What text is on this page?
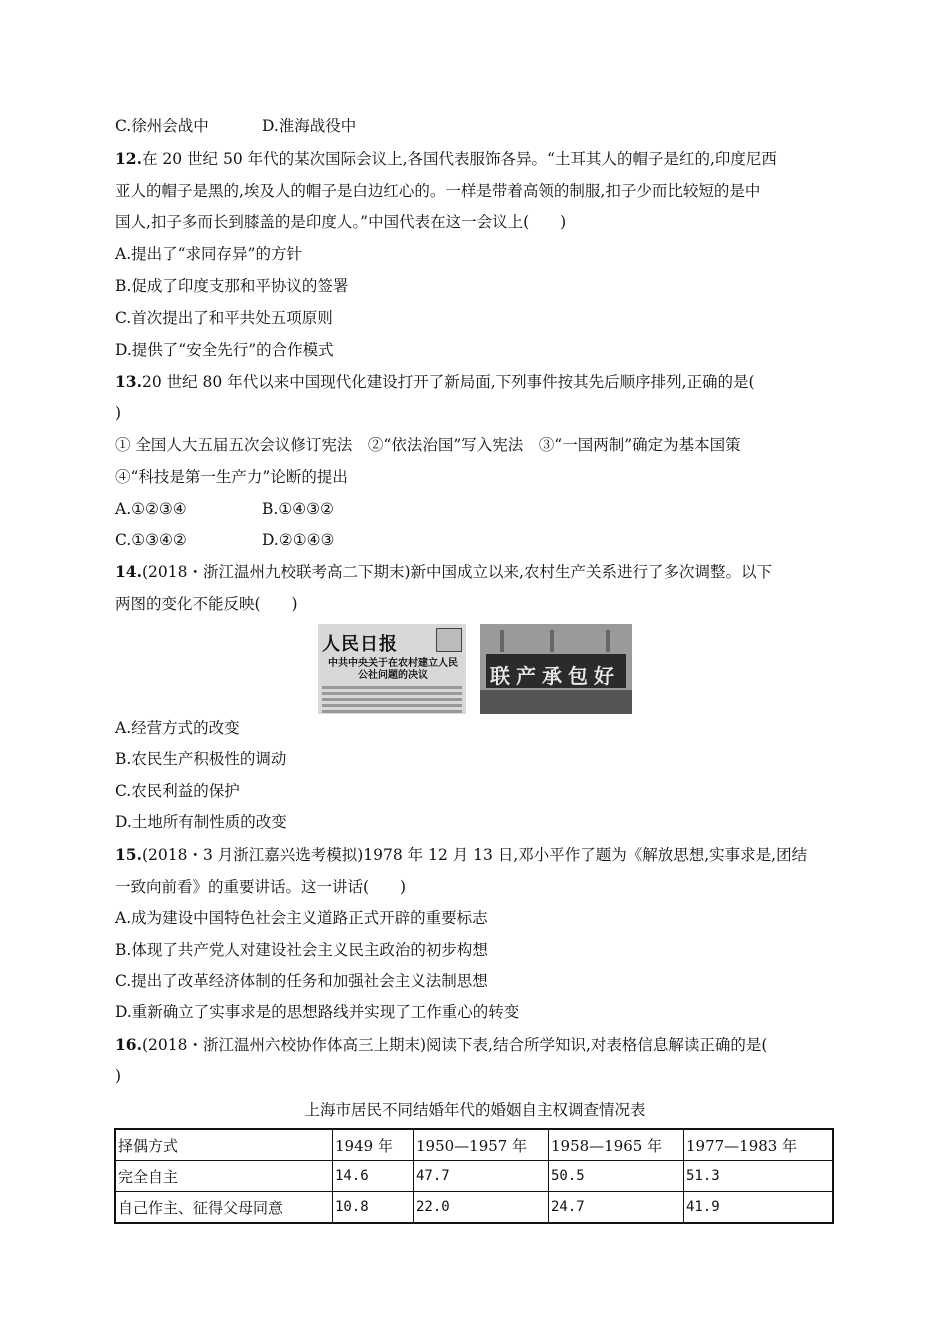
C.徐州会战中	D.淮海战役中
12.在 20 世纪 50 年代的某次国际会议上,各国代表服饰各异。“土耳其人的帽子是红的,印度尼西
亚人的帽子是黑的,埃及人的帽子是白边红心的。一样是带着高领的制服,扣子少而比较短的是中
国人,扣子多而长到膝盖的是印度人。”中国代表在这一会议上(　　)
A.提出了“求同存异”的方针
B.促成了印度支那和平协议的签署
C.首次提出了和平共处五项原则
D.提供了“安全先行”的合作模式
13.20 世纪 80 年代以来中国现代化建设打开了新局面,下列事件按其先后顺序排列,正确的是(
)
① 全国人大五届五次会议修订宪法　②“依法治国”写入宪法　③“一国两制”确定为基本国策
④“科技是第一生产力”论断的提出
A.①②③④	B.①④③②
C.①③④②	D.②①④③
14.(2018・浙江温州九校联考高二下期末)新中国成立以来,农村生产关系进行了多次调整。以下
两图的变化不能反映(　　)
人民日报
中共中央关于在农村建立人民公社问题的决议	联产承包好
A.经营方式的改变
B.农民生产积极性的调动
C.农民利益的保护
D.土地所有制性质的改变
15.(2018・3 月浙江嘉兴选考模拟)1978 年 12 月 13 日,邓小平作了题为《解放思想,实事求是,团结
一致向前看》的重要讲话。这一讲话(　　)
A.成为建设中国特色社会主义道路正式开辟的重要标志
B.体现了共产党人对建设社会主义民主政治的初步构想
C.提出了改革经济体制的任务和加强社会主义法制思想
D.重新确立了实事求是的思想路线并实现了工作重心的转变
16.(2018・浙江温州六校协作体高三上期末)阅读下表,结合所学知识,对表格信息解读正确的是(
)
上海市居民不同结婚年代的婚姻自主权调查情况表
择偶方式	1949 年	1950—1957 年	1958—1965 年	1977—1983 年
完全自主	14.6	47.7	50.5	51.3
自己作主、征得父母同意	10.8	22.0	24.7	41.9
